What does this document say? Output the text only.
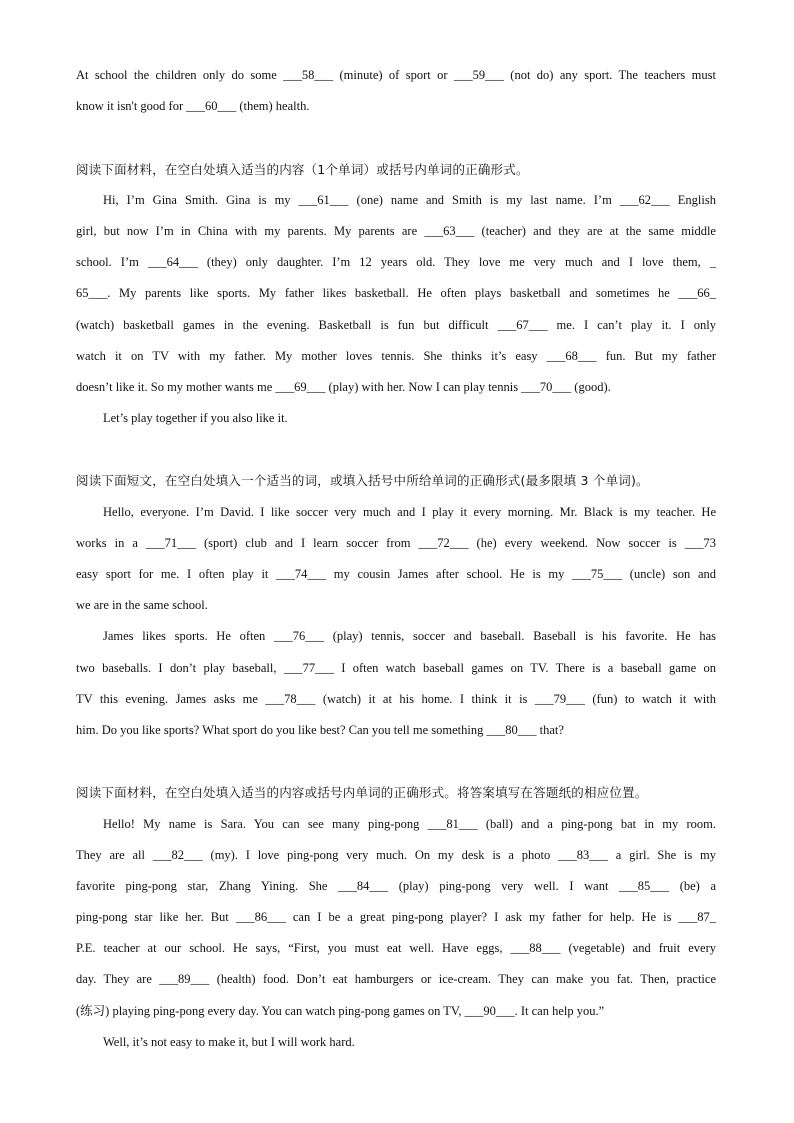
At school the children only do some ___58___ (minute) of sport or ___59___ (not do) any sport. The teachers must
know it isn't good for ___60___ (them) health.
阅读下面材料，在空白处填入适当的内容（1个单词）或括号内单词的正确形式。
Hi, I’m Gina Smith. Gina is my ___61___ (one) name and Smith is my last name. I’m ___62___ English
girl, but now I’m in China with my parents. My parents are ___63___ (teacher) and they are at the same middle
school. I’m ___64___ (they) only daughter. I’m 12 years old. They love me very much and I love them, _
65___. My parents like sports. My father likes basketball. He often plays basketball and sometimes he ___66_
(watch) basketball games in the evening. Basketball is fun but difficult ___67___ me. I can’t play it. I only
watch it on TV with my father. My mother loves tennis. She thinks it’s easy ___68___ fun. But my father
doesn’t like it. So my mother wants me ___69___ (play) with her. Now I can play tennis ___70___ (good).
Let’s play together if you also like it.
阅读下面短文，在空白处填入一个适当的词，或填入括号中所给单词的正确形式(最多限填 3 个单词)。
Hello, everyone. I’m David. I like soccer very much and I play it every morning. Mr. Black is my teacher. He
works in a ___71___ (sport) club and I learn soccer from ___72___ (he) every weekend. Now soccer is ___73
easy sport for me. I often play it ___74___ my cousin James after school. He is my ___75___ (uncle) son and
we are in the same school.
James likes sports. He often ___76___ (play) tennis, soccer and baseball. Baseball is his favorite. He has
two baseballs. I don’t play baseball, ___77___ I often watch baseball games on TV. There is a baseball game on
TV this evening. James asks me ___78___ (watch) it at his home. I think it is ___79___ (fun) to watch it with
him. Do you like sports? What sport do you like best? Can you tell me something ___80___ that?
阅读下面材料，在空白处填入适当的内容或括号内单词的正确形式。将答案填写在答题纸的相应位置。
Hello! My name is Sara. You can see many ping-pong ___81___ (ball) and a ping-pong bat in my room.
They are all ___82___ (my). I love ping-pong very much. On my desk is a photo ___83___ a girl. She is my
favorite ping-pong star, Zhang Yining. She ___84___ (play) ping-pong very well. I want ___85___ (be) a
ping-pong star like her. But ___86___ can I be a great ping-pong player? I ask my father for help. He is ___87_
P.E. teacher at our school. He says, “First, you must eat well. Have eggs, ___88___ (vegetable) and fruit every
day. They are ___89___ (health) food. Don’t eat hamburgers or ice-cream. They can make you fat. Then, practice
(练习) playing ping-pong every day. You can watch ping-pong games on TV, ___90___. It can help you.”
Well, it’s not easy to make it, but I will work hard.
